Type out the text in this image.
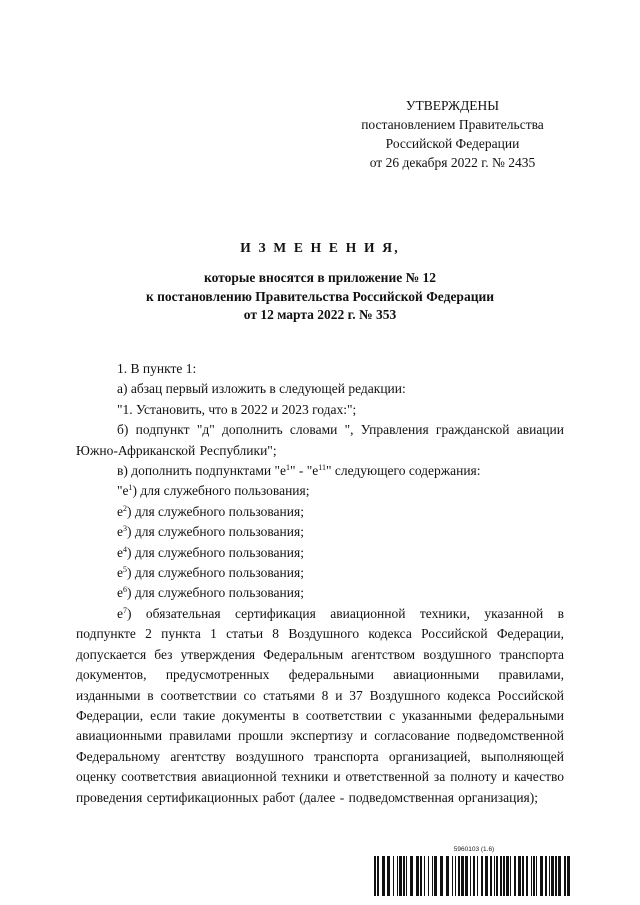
УТВЕРЖДЕНЫ
постановлением Правительства
Российской Федерации
от 26 декабря 2022 г. № 2435
И З М Е Н Е Н И Я,
которые вносятся в приложение № 12
к постановлению Правительства Российской Федерации
от 12 марта 2022 г. № 353

1. В пункте 1:

а) абзац первый изложить в следующей редакции:

"1. Установить, что в 2022 и 2023 годах:";

б) подпункт "д" дополнить словами ", Управления гражданской авиации Южно-Африканской Республики";

в) дополнить подпунктами "$е^1$" - "$е^{11}$" следующего содержания:

"$е^1$) для служебного пользования;

$е^2$) для служебного пользования;

$е^3$) для служебного пользования;

$е^4$) для служебного пользования;

$е^5$) для служебного пользования;

$е^6$) для служебного пользования;

$е^7$) обязательная сертификация авиационной техники, указанной в подпункте 2 пункта 1 статьи 8 Воздушного кодекса Российской Федерации, допускается без утверждения Федеральным агентством воздушного транспорта документов, предусмотренных федеральными авиационными правилами, изданными в соответствии со статьями 8 и 37 Воздушного кодекса Российской Федерации, если такие документы в соответствии с указанными федеральными авиационными правилами прошли экспертизу и согласование подведомственной Федеральному агентству воздушного транспорта организацией, выполняющей оценку соответствия авиационной техники и ответственной за полноту и качество проведения сертификационных работ (далее - подведомственная организация);

5960103 (1.6)
